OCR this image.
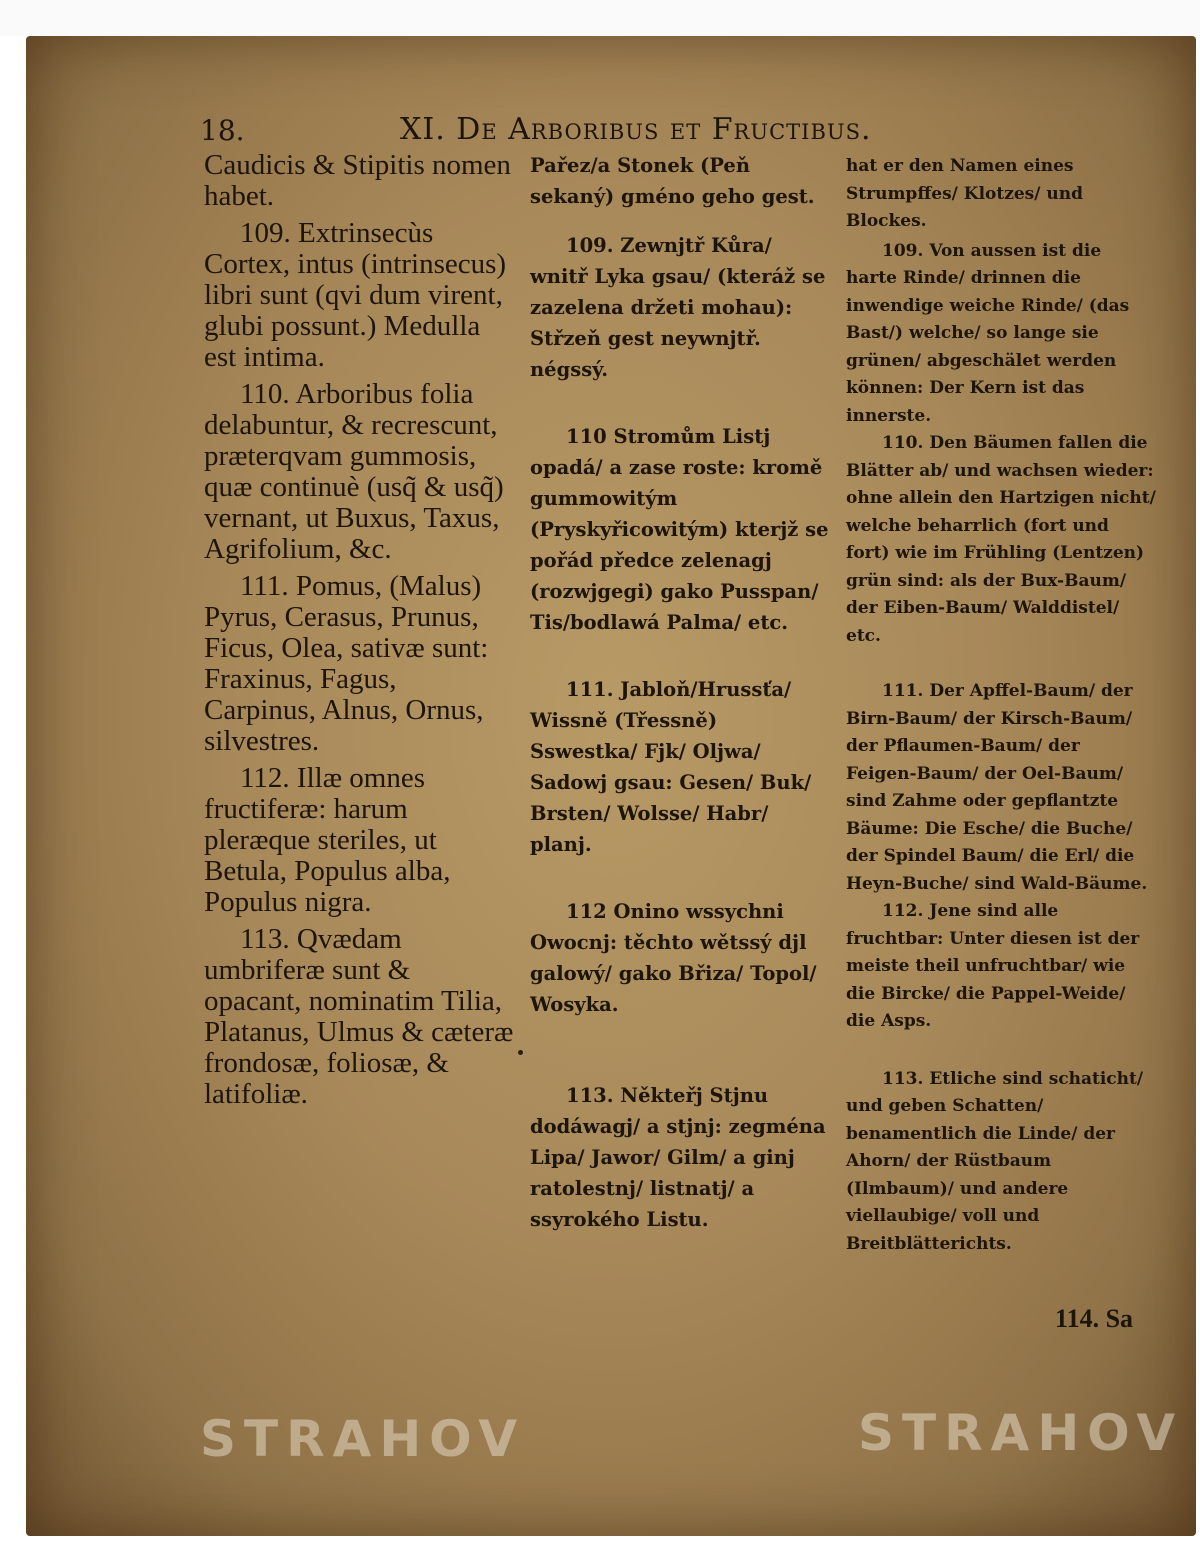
18.	XI. De Arboribus et Fructibus.

Caudicis & Stipitis nomen habet.

109. Extrinsecùs Cortex, intus (intrinsecus) libri sunt (qvi dum virent, glubi possunt.) Medulla est intima.

110. Arboribus folia delabuntur, & recrescunt, præterqvam gummosis, quæ continuè (usq̃ & usq̃) vernant, ut Buxus, Taxus, Agrifolium, &c.

111. Pomus, (Malus) Pyrus, Cerasus, Prunus, Ficus, Olea, sativæ sunt: Fraxinus, Fagus, Carpinus, Alnus, Ornus, silvestres.

112. Illæ omnes fructiferæ: harum pleræque steriles, ut Betula, Populus alba, Populus nigra.

113. Qvædam umbriferæ sunt & opacant, nominatim Tilia, Platanus, Ulmus & cæteræ frondosæ, foliosæ, & latifoliæ.

Pařez/a Stonek (Peň sekaný) gméno geho gest.

109. Zewnjtř Kůra/ wnitř Lyka gsau/ (kteráž se zazelena držeti mohau): Střzeň gest neywnjtř. négssý.

110 Stromům Listj opadá/ a zase roste: kromě gummowitým (Pryskyřicowitým) kterjž se pořád předce zelenagj (rozwjgegi) gako Pusspan/ Tis/bodlawá Palma/ etc.

111. Jabloň/Hrussťa/ Wissně (Třessně) Sswestka/ Fjk/ Oljwa/ Sadowj gsau: Gesen/ Buk/ Brsten/ Wolsse/ Habr/ planj.

112 Onino wssychni Owocnj: těchto wětssý djl galowý/ gako Břiza/ Topol/ Wosyka.

113. Někteřj Stjnu dodáwagj/ a stjnj: zegména Lipa/ Jawor/ Gilm/ a ginj ratolestnj/ listnatj/ a ssyrokého Listu.

hat er den Namen eines Strumpffes/ Klotzes/ und Blockes.

109. Von aussen ist die harte Rinde/ drinnen die inwendige weiche Rinde/ (das Bast/) welche/ so lange sie grünen/ abgeschälet werden können: Der Kern ist das innerste.

110. Den Bäumen fallen die Blätter ab/ und wachsen wieder: ohne allein den Hartzigen nicht/ welche beharrlich (fort und fort) wie im Frühling (Lentzen) grün sind: als der Bux-Baum/ der Eiben-Baum/ Walddistel/ etc.

111. Der Apffel-Baum/ der Birn-Baum/ der Kirsch-Baum/ der Pflaumen-Baum/ der Feigen-Baum/ der Oel-Baum/ sind Zahme oder gepflantzte Bäume: Die Esche/ die Buche/ der Spindel Baum/ die Erl/ die Heyn-Buche/ sind Wald-Bäume.

112. Jene sind alle fruchtbar: Unter diesen ist der meiste theil unfruchtbar/ wie die Bircke/ die Pappel-Weide/ die Asps.

113. Etliche sind schaticht/ und geben Schatten/ benamentlich die Linde/ der Ahorn/ der Rüstbaum (Ilmbaum)/ und andere viellaubige/ voll und Breitblätterichts.

114. Sa
STRAHOV	STRAHOV
